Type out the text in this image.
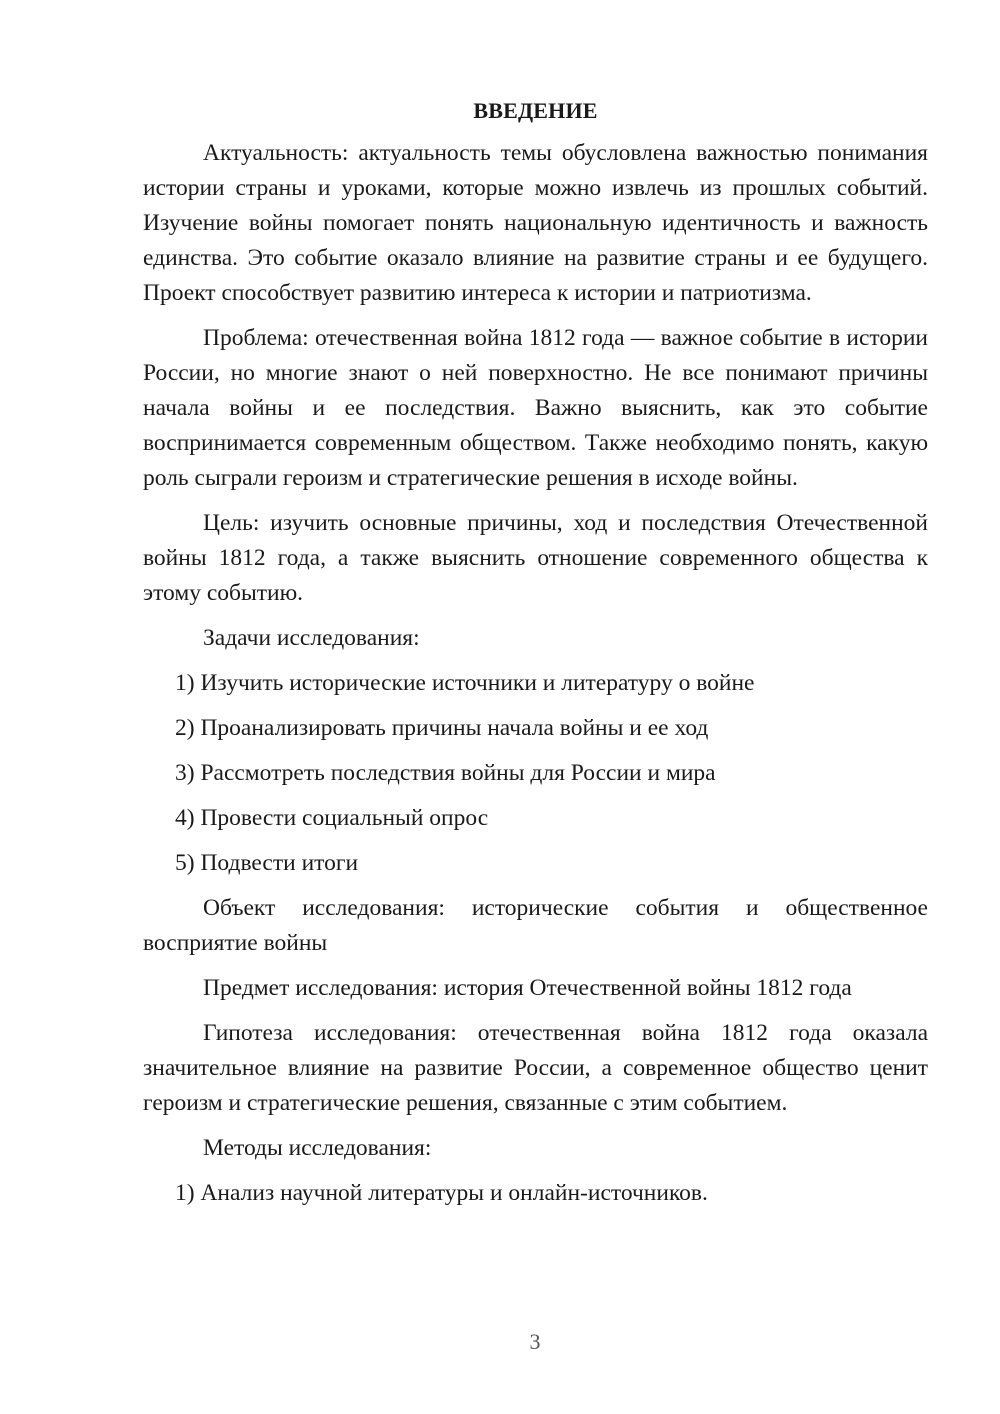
ВВЕДЕНИЕ

Актуальность: актуальность темы обусловлена важностью понимания истории страны и уроками, которые можно извлечь из прошлых событий. Изучение войны помогает понять национальную идентичность и важность единства. Это событие оказало влияние на развитие страны и ее будущего. Проект способствует развитию интереса к истории и патриотизма.

Проблема: отечественная война 1812 года — важное событие в истории России, но многие знают о ней поверхностно. Не все понимают причины начала войны и ее последствия. Важно выяснить, как это событие воспринимается современным обществом. Также необходимо понять, какую роль сыграли героизм и стратегические решения в исходе войны.

Цель: изучить основные причины, ход и последствия Отечественной войны 1812 года, а также выяснить отношение современного общества к этому событию.

Задачи исследования:

1) Изучить исторические источники и литературу о войне
2) Проанализировать причины начала войны и ее ход
3) Рассмотреть последствия войны для России и мира
4) Провести социальный опрос
5) Подвести итоги

Объект исследования: исторические события и общественное восприятие войны

Предмет исследования: история Отечественной войны 1812 года

Гипотеза исследования: отечественная война 1812 года оказала значительное влияние на развитие России, а современное общество ценит героизм и стратегические решения, связанные с этим событием.

Методы исследования:

1) Анализ научной литературы и онлайн-источников.
3
